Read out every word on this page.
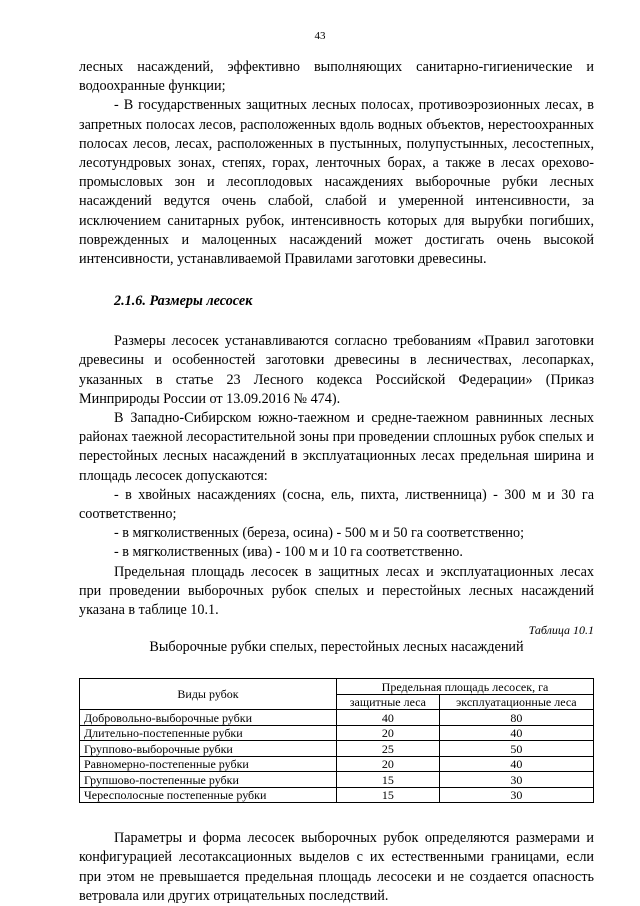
43

лесных насаждений, эффективно выполняющих санитарно-гигиенические и водоохранные функции;

- В государственных защитных лесных полосах, противоэрозионных лесах, в запретных полосах лесов, расположенных вдоль водных объектов, нерестоохранных полосах лесов, лесах, расположенных в пустынных, полупустынных, лесостепных, лесотундровых зонах, степях, горах, ленточных борах, а также в лесах орехово-промысловых зон и лесоплодовых насаждениях выборочные рубки лесных насаждений ведутся очень слабой, слабой и умеренной интенсивности, за исключением санитарных рубок, интенсивность которых для вырубки погибших, поврежденных и малоценных насаждений может достигать очень высокой интенсивности, устанавливаемой Правилами заготовки древесины.

2.1.6. Размеры лесосек

Размеры лесосек устанавливаются согласно требованиям «Правил заготовки древесины и особенностей заготовки древесины в лесничествах, лесопарках, указанных в статье 23 Лесного кодекса Российской Федерации» (Приказ Минприроды России от 13.09.2016 № 474).

В Западно-Сибирском южно-таежном и средне-таежном равнинных лесных районах таежной лесорастительной зоны при проведении сплошных рубок спелых и перестойных лесных насаждений в эксплуатационных лесах предельная ширина и площадь лесосек допускаются:

- в хвойных насаждениях (сосна, ель, пихта, лиственница) - 300 м и 30 га соответственно;

- в мягколиственных (береза, осина) - 500 м и 50 га соответственно;

- в мягколиственных (ива) - 100 м и 10 га соответственно.

Предельная площадь лесосек в защитных лесах и эксплуатационных лесах при проведении выборочных рубок спелых и перестойных лесных насаждений указана в таблице 10.1.

Таблица 10.1
Выборочные рубки спелых, перестойных лесных насаждений
Виды рубок	Предельная площадь лесосек, га	
	защитные леса	эксплуатационные леса
Добровольно-выборочные рубки	40	80
Длительно-постепенные рубки	20	40
Группово-выборочные рубки	25	50
Равномерно-постепенные рубки	20	40
Групшово-постепенные рубки	15	30
Чересполосные постепенные рубки	15	30

Параметры и форма лесосек выборочных рубок определяются размерами и конфигурацией лесотаксационных выделов с их естественными границами, если при этом не превышается предельная площадь лесосеки и не создается опасность ветровала или других отрицательных последствий.
